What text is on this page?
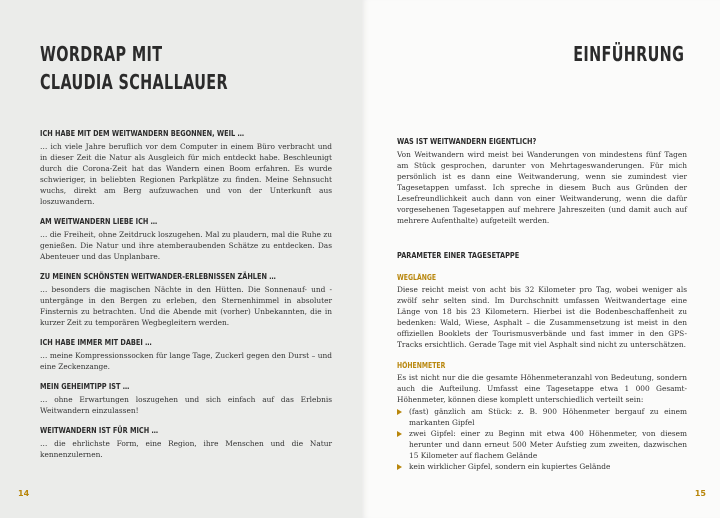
WORDRAP MIT
CLAUDIA SCHALLAUER
ICH HABE MIT DEM WEITWANDERN BEGONNEN, WEIL …

… ich viele Jahre beruflich vor dem Computer in einem Büro verbracht und in dieser Zeit die Natur als Ausgleich für mich entdeckt habe. Beschleunigt durch die Corona-Zeit hat das Wandern einen Boom erfahren. Es wurde schwieriger, in beliebten Regionen Parkplätze zu finden. Meine Sehnsucht wuchs, direkt am Berg aufzuwachen und von der Unterkunft aus loszuwandern.

AM WEITWANDERN LIEBE ICH …

… die Freiheit, ohne Zeitdruck loszugehen. Mal zu plaudern, mal die Ruhe zu genießen. Die Natur und ihre atemberaubenden Schätze zu entdecken. Das Abenteuer und das Unplanbare.

ZU MEINEN SCHÖNSTEN WEITWANDER-ERLEBNISSEN ZÄHLEN …

… besonders die magischen Nächte in den Hütten. Die Sonnenauf- und -untergänge in den Bergen zu erleben, den Sternenhimmel in absoluter Finsternis zu betrachten. Und die Abende mit (vorher) Unbekannten, die in kurzer Zeit zu temporären Wegbegleitern werden.

ICH HABE IMMER MIT DABEI …

… meine Kompressionssocken für lange Tage, Zuckerl gegen den Durst – und eine Zeckenzange.

MEIN GEHEIMTIPP IST …

… ohne Erwartungen loszugehen und sich einfach auf das Erlebnis Weitwandern einzulassen!

WEITWANDERN IST FÜR MICH …

… die ehrlichste Form, eine Region, ihre Menschen und die Natur kennenzulernen.

14
EINFÜHRUNG
WAS IST WEITWANDERN EIGENTLICH?

Von Weitwandern wird meist bei Wanderungen von mindestens fünf Tagen am Stück gesprochen, darunter von Mehrtageswanderungen. Für mich persönlich ist es dann eine Weitwanderung, wenn sie zumindest vier Tagesetappen umfasst. Ich spreche in diesem Buch aus Gründen der Lesefreundlichkeit auch dann von einer Weitwanderung, wenn die dafür vorgesehenen Tagesetappen auf mehrere Jahreszeiten (und damit auch auf mehrere Aufenthalte) aufgeteilt werden.

PARAMETER EINER TAGESETAPPE
WEGLÄNGE

Diese reicht meist von acht bis 32 Kilometer pro Tag, wobei weniger als zwölf sehr selten sind. Im Durchschnitt umfassen Weitwandertage eine Länge von 18 bis 23 Kilometern. Hierbei ist die Bodenbeschaffenheit zu bedenken: Wald, Wiese, Asphalt – die Zusammensetzung ist meist in den offiziellen Booklets der Tourismusverbände und fast immer in den GPS-Tracks ersichtlich. Gerade Tage mit viel Asphalt sind nicht zu unterschätzen.

HÖHENMETER

Es ist nicht nur die die gesamte Höhenmeteranzahl von Bedeutung, sondern auch die Aufteilung. Umfasst eine Tagesetappe etwa 1 000 Gesamt-Höhenmeter, können diese komplett unterschiedlich verteilt sein:

(fast) gänzlich am Stück: z. B. 900 Höhenmeter bergauf zu einem markanten Gipfel
zwei Gipfel: einer zu Beginn mit etwa 400 Höhenmeter, von diesem herunter und dann erneut 500 Meter Aufstieg zum zweiten, dazwischen 15 Kilometer auf flachem Gelände
kein wirklicher Gipfel, sondern ein kupiertes Gelände
15
